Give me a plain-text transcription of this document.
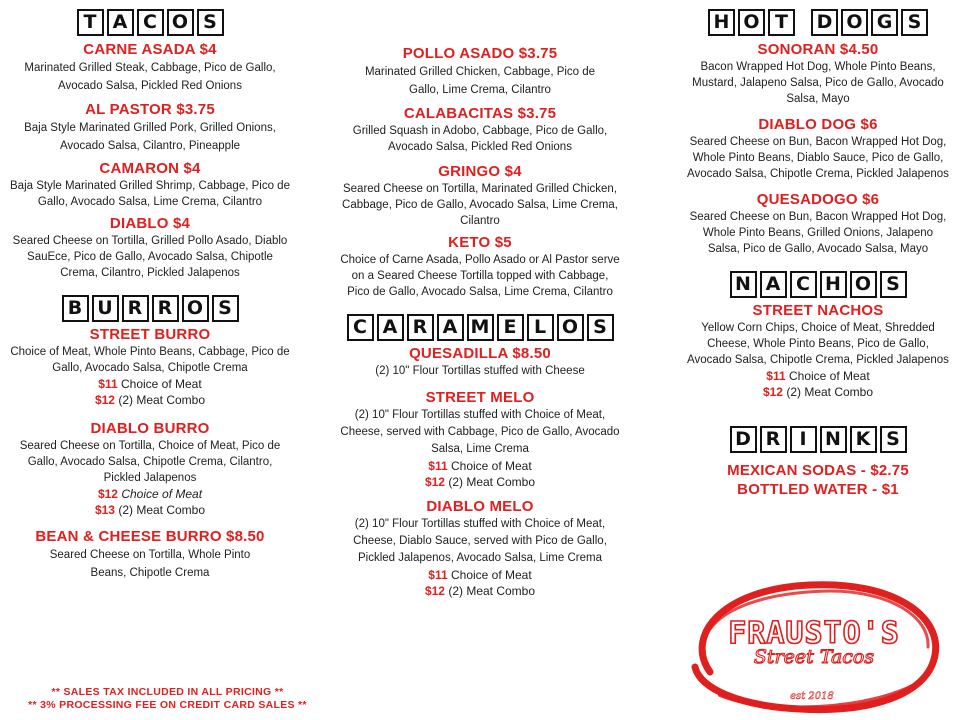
T A C O S
CARNE ASADA $4
Marinated Grilled Steak, Cabbage, Pico de Gallo, Avocado Salsa, Pickled Red Onions
AL PASTOR $3.75
Baja Style Marinated Grilled Pork, Grilled Onions, Avocado Salsa, Cilantro, Pineapple
CAMARON $4
Baja Style Marinated Grilled Shrimp, Cabbage, Pico de Gallo, Avocado Salsa, Lime Crema, Cilantro
DIABLO $4
Seared Cheese on Tortilla, Grilled Pollo Asado, Diablo SauEce, Pico de Gallo, Avocado Salsa, Chipotle Crema, Cilantro, Pickled Jalapenos
B U R R O S
STREET BURRO
Choice of Meat, Whole Pinto Beans, Cabbage, Pico de Gallo, Avocado Salsa, Chipotle Crema
$11 Choice of Meat
$12 (2) Meat Combo
DIABLO BURRO
Seared Cheese on Tortilla, Choice of Meat, Pico de Gallo, Avocado Salsa, Chipotle Crema, Cilantro, Pickled Jalapenos
$12 Choice of Meat
$13 (2) Meat Combo
BEAN & CHEESE BURRO $8.50
Seared Cheese on Tortilla, Whole Pinto Beans, Chipotle Crema
POLLO ASADO $3.75
Marinated Grilled Chicken, Cabbage, Pico de Gallo, Lime Crema, Cilantro
CALABACITAS $3.75
Grilled Squash in Adobo, Cabbage, Pico de Gallo, Avocado Salsa, Pickled Red Onions
GRINGO $4
Seared Cheese on Tortilla, Marinated Grilled Chicken, Cabbage, Pico de Gallo, Avocado Salsa, Lime Crema, Cilantro
KETO $5
Choice of Carne Asada, Pollo Asado or Al Pastor serve on a Seared Cheese Tortilla topped with Cabbage, Pico de Gallo, Avocado Salsa, Lime Crema, Cilantro
C A R A M E L O S
QUESADILLA $8.50
(2) 10" Flour Tortillas stuffed with Cheese
STREET MELO
(2) 10" Flour Tortillas stuffed with Choice of Meat, Cheese, served with Cabbage, Pico de Gallo, Avocado Salsa, Lime Crema
$11 Choice of Meat
$12 (2) Meat Combo
DIABLO MELO
(2) 10" Flour Tortillas stuffed with Choice of Meat, Cheese, Diablo Sauce, served with Pico de Gallo, Pickled Jalapenos, Avocado Salsa, Lime Crema
$11 Choice of Meat
$12 (2) Meat Combo
H O T	D O G S
SONORAN $4.50
Bacon Wrapped Hot Dog, Whole Pinto Beans, Mustard, Jalapeno Salsa, Pico de Gallo, Avocado Salsa, Mayo
DIABLO DOG $6
Seared Cheese on Bun, Bacon Wrapped Hot Dog, Whole Pinto Beans, Diablo Sauce, Pico de Gallo, Avocado Salsa, Chipotle Crema, Pickled Jalapenos
QUESADOGO $6
Seared Cheese on Bun, Bacon Wrapped Hot Dog, Whole Pinto Beans, Grilled Onions, Jalapeno Salsa, Pico de Gallo, Avocado Salsa, Mayo
N A C H O S
STREET NACHOS
Yellow Corn Chips, Choice of Meat, Shredded Cheese, Whole Pinto Beans, Pico de Gallo, Avocado Salsa, Chipotle Crema, Pickled Jalapenos
$11 Choice of Meat
$12 (2) Meat Combo
D R	I N K S
MEXICAN SODAS - $2.75
BOTTLED WATER - $1
FRAUSTO'S
Street Tacos
est 2018
** SALES TAX INCLUDED IN ALL PRICING **
** 3% PROCESSING FEE ON CREDIT CARD SALES **
